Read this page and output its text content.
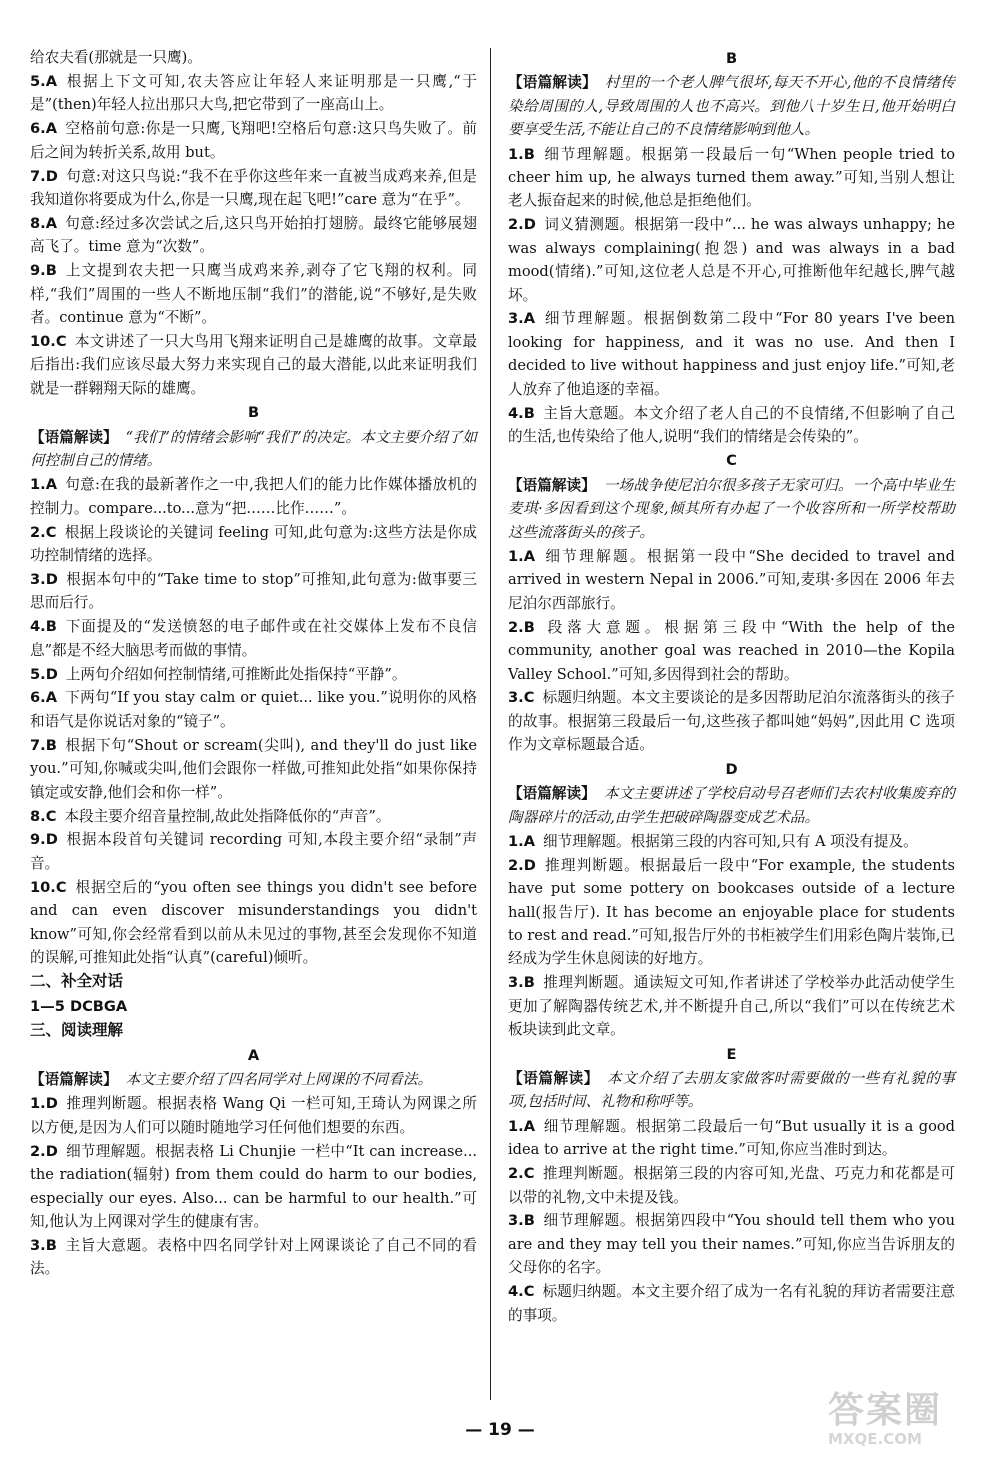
给农夫看(那就是一只鹰)。
5.A 根据上下文可知,农夫答应让年轻人来证明那是一只鹰,“于是”(then)年轻人拉出那只大鸟,把它带到了一座高山上。
6.A 空格前句意:你是一只鹰,飞翔吧!空格后句意:这只鸟失败了。前后之间为转折关系,故用 but。
7.D 句意:对这只鸟说:“我不在乎你这些年来一直被当成鸡来养,但是我知道你将要成为什么,你是一只鹰,现在起飞吧!”care 意为“在乎”。
8.A 句意:经过多次尝试之后,这只鸟开始拍打翅膀。最终它能够展翅高飞了。time 意为“次数”。
9.B 上文提到农夫把一只鹰当成鸡来养,剥夺了它飞翔的权利。同样,“我们”周围的一些人不断地压制“我们”的潜能,说“不够好,是失败者。continue 意为“不断”。
10.C 本文讲述了一只大鸟用飞翔来证明自己是雄鹰的故事。文章最后指出:我们应该尽最大努力来实现自己的最大潜能,以此来证明我们就是一群翱翔天际的雄鹰。
B
【语篇解读】 “我们”的情绪会影响“我们”的决定。本文主要介绍了如何控制自己的情绪。
1.A 句意:在我的最新著作之一中,我把人们的能力比作媒体播放机的控制力。compare...to...意为“把……比作……”。
2.C 根据上段谈论的关键词 feeling 可知,此句意为:这些方法是你成功控制情绪的选择。
3.D 根据本句中的“Take time to stop”可推知,此句意为:做事要三思而后行。
4.B 下面提及的“发送愤怒的电子邮件或在社交媒体上发布不良信息”都是不经大脑思考而做的事情。
5.D 上两句介绍如何控制情绪,可推断此处指保持“平静”。
6.A 下两句“If you stay calm or quiet... like you.”说明你的风格和语气是你说话对象的“镜子”。
7.B 根据下句“Shout or scream(尖叫), and they'll do just like you.”可知,你喊或尖叫,他们会跟你一样做,可推知此处指“如果你保持镇定或安静,他们会和你一样”。
8.C 本段主要介绍音量控制,故此处指降低你的“声音”。
9.D 根据本段首句关键词 recording 可知,本段主要介绍“录制”声音。
10.C 根据空后的“you often see things you didn't see before and can even discover misunderstandings you didn't know”可知,你会经常看到以前从未见过的事物,甚至会发现你不知道的误解,可推知此处指“认真”(careful)倾听。
二、补全对话
1—5 DCBGA
三、阅读理解
A
【语篇解读】 本文主要介绍了四名同学对上网课的不同看法。
1.D 推理判断题。根据表格 Wang Qi 一栏可知,王琦认为网课之所以方便,是因为人们可以随时随地学习任何他们想要的东西。
2.D 细节理解题。根据表格 Li Chunjie 一栏中“It can increase... the radiation(辐射) from them could do harm to our bodies, especially our eyes. Also... can be harmful to our health.”可知,他认为上网课对学生的健康有害。
3.B 主旨大意题。表格中四名同学针对上网课谈论了自己不同的看法。
B
【语篇解读】 村里的一个老人脾气很坏,每天不开心,他的不良情绪传染给周围的人,导致周围的人也不高兴。到他八十岁生日,他开始明白要享受生活,不能让自己的不良情绪影响到他人。
1.B 细节理解题。根据第一段最后一句“When people tried to cheer him up, he always turned them away.”可知,当别人想让老人振奋起来的时候,他总是拒绝他们。
2.D 词义猜测题。根据第一段中“... he was always unhappy; he was always complaining(抱怨) and was always in a bad mood(情绪).”可知,这位老人总是不开心,可推断他年纪越长,脾气越坏。
3.A 细节理解题。根据倒数第二段中“For 80 years I've been looking for happiness, and it was no use. And then I decided to live without happiness and just enjoy life.”可知,老人放弃了他追逐的幸福。
4.B 主旨大意题。本文介绍了老人自己的不良情绪,不但影响了自己的生活,也传染给了他人,说明“我们的情绪是会传染的”。
C
【语篇解读】 一场战争使尼泊尔很多孩子无家可归。一个高中毕业生麦琪·多因看到这个现象,倾其所有办起了一个收容所和一所学校帮助这些流落街头的孩子。
1.A 细节理解题。根据第一段中“She decided to travel and arrived in western Nepal in 2006.”可知,麦琪·多因在 2006 年去尼泊尔西部旅行。
2.B 段落大意题。根据第三段中“With the help of the community, another goal was reached in 2010—the Kopila Valley School.”可知,多因得到社会的帮助。
3.C 标题归纳题。本文主要谈论的是多因帮助尼泊尔流落街头的孩子的故事。根据第三段最后一句,这些孩子都叫她“妈妈”,因此用 C 选项作为文章标题最合适。
D
【语篇解读】 本文主要讲述了学校启动号召老师们去农村收集废弃的陶器碎片的活动,由学生把破碎陶器变成艺术品。
1.A 细节理解题。根据第三段的内容可知,只有 A 项没有提及。
2.D 推理判断题。根据最后一段中“For example, the students have put some pottery on bookcases outside of a lecture hall(报告厅). It has become an enjoyable place for students to rest and read.”可知,报告厅外的书柜被学生们用彩色陶片装饰,已经成为学生休息阅读的好地方。
3.B 推理判断题。通读短文可知,作者讲述了学校举办此活动使学生更加了解陶器传统艺术,并不断提升自己,所以“我们”可以在传统艺术板块读到此文章。
E
【语篇解读】 本文介绍了去朋友家做客时需要做的一些有礼貌的事项,包括时间、礼物和称呼等。
1.A 细节理解题。根据第二段最后一句“But usually it is a good idea to arrive at the right time.”可知,你应当准时到达。
2.C 推理判断题。根据第三段的内容可知,光盘、巧克力和花都是可以带的礼物,文中未提及钱。
3.B 细节理解题。根据第四段中“You should tell them who you are and they may tell you their names.”可知,你应当告诉朋友的父母你的名字。
4.C 标题归纳题。本文主要介绍了成为一名有礼貌的拜访者需要注意的事项。
— 19 —	答案圈
MXQE.COM
